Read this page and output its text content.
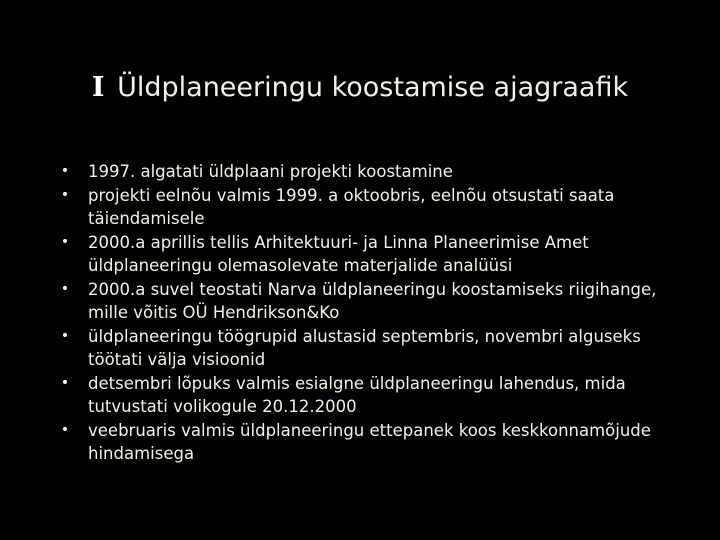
I Üldplaneeringu koostamise ajagraafik
• 1997. algatati üldplaani projekti koostamine
• projekti eelnõu valmis 1999. a oktoobris, eelnõu otsustati saata täiendamisele
• 2000.a aprillis tellis Arhitektuuri- ja Linna Planeerimise Amet üldplaneeringu olemasolevate materjalide analüüsi
• 2000.a suvel teostati Narva üldplaneeringu koostamiseks riigihange, mille võitis OÜ Hendrikson&Ko
• üldplaneeringu töögrupid alustasid septembris, novembri alguseks töötati välja visioonid
• detsembri lõpuks valmis esialgne üldplaneeringu lahendus, mida tutvustati volikogule 20.12.2000
• veebruaris valmis üldplaneeringu ettepanek koos keskkonnamõjude hindamisega
